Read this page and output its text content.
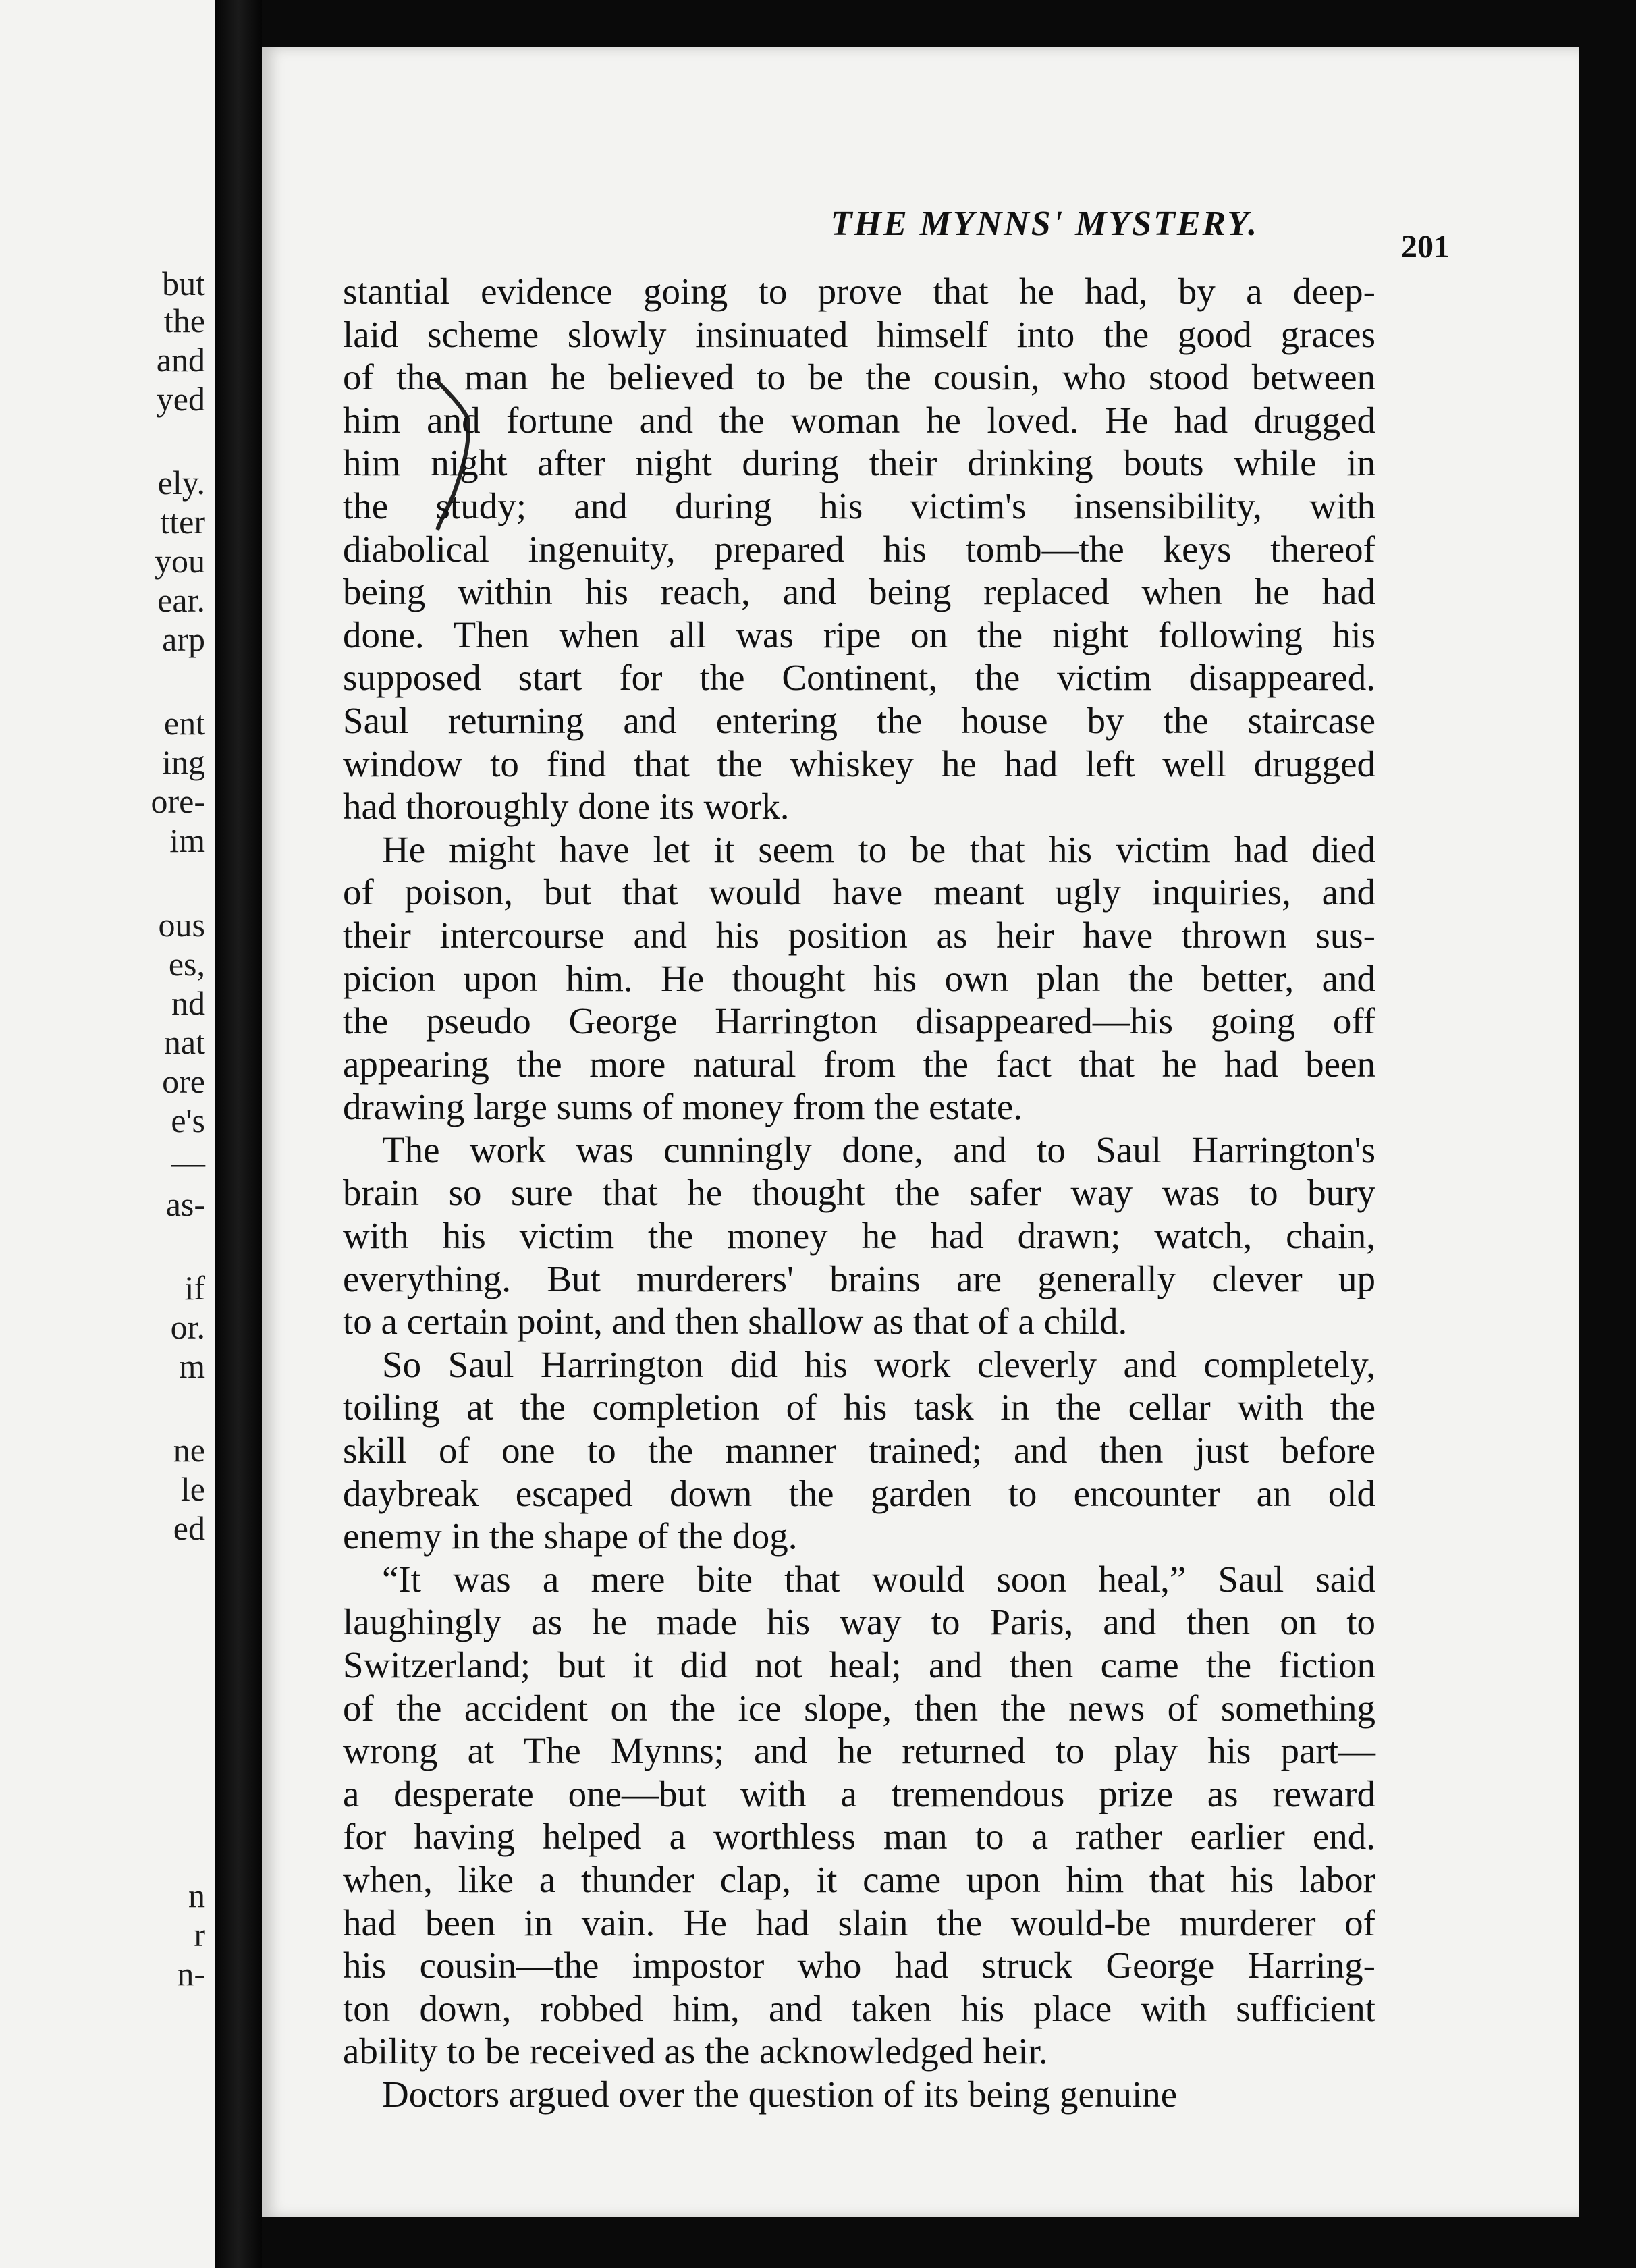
but
the
and
yed
ely.
tter
you
ear.
arp
ent
ing
ore-
im
ous
es,
nd
nat
ore
e's
—
as-
if
or.
m
ne
le
ed
n
r
n-
THE MYNNS' MYSTERY.
201
stantial evidence going to prove that he had, by a deep-
laid scheme slowly insinuated himself into the good graces
of the man he believed to be the cousin, who stood between
him and fortune and the woman he loved. He had drugged
him night after night during their drinking bouts while in
the study; and during his victim's insensibility, with
diabolical ingenuity, prepared his tomb—the keys thereof
being within his reach, and being replaced when he had
done. Then when all was ripe on the night following his
supposed start for the Continent, the victim disappeared.
Saul returning and entering the house by the staircase
window to find that the whiskey he had left well drugged
had thoroughly done its work.
He might have let it seem to be that his victim had died
of poison, but that would have meant ugly inquiries, and
their intercourse and his position as heir have thrown sus-
picion upon him. He thought his own plan the better, and
the pseudo George Harrington disappeared—his going off
appearing the more natural from the fact that he had been
drawing large sums of money from the estate.
The work was cunningly done, and to Saul Harrington's
brain so sure that he thought the safer way was to bury
with his victim the money he had drawn; watch, chain,
everything. But murderers' brains are generally clever up
to a certain point, and then shallow as that of a child.
So Saul Harrington did his work cleverly and completely,
toiling at the completion of his task in the cellar with the
skill of one to the manner trained; and then just before
daybreak escaped down the garden to encounter an old
enemy in the shape of the dog.
“It was a mere bite that would soon heal,” Saul said
laughingly as he made his way to Paris, and then on to
Switzerland; but it did not heal; and then came the fiction
of the accident on the ice slope, then the news of something
wrong at The Mynns; and he returned to play his part—
a desperate one—but with a tremendous prize as reward
for having helped a worthless man to a rather earlier end.
when, like a thunder clap, it came upon him that his labor
had been in vain. He had slain the would-be murderer of
his cousin—the impostor who had struck George Harring-
ton down, robbed him, and taken his place with sufficient
ability to be received as the acknowledged heir.
Doctors argued over the question of its being genuine
